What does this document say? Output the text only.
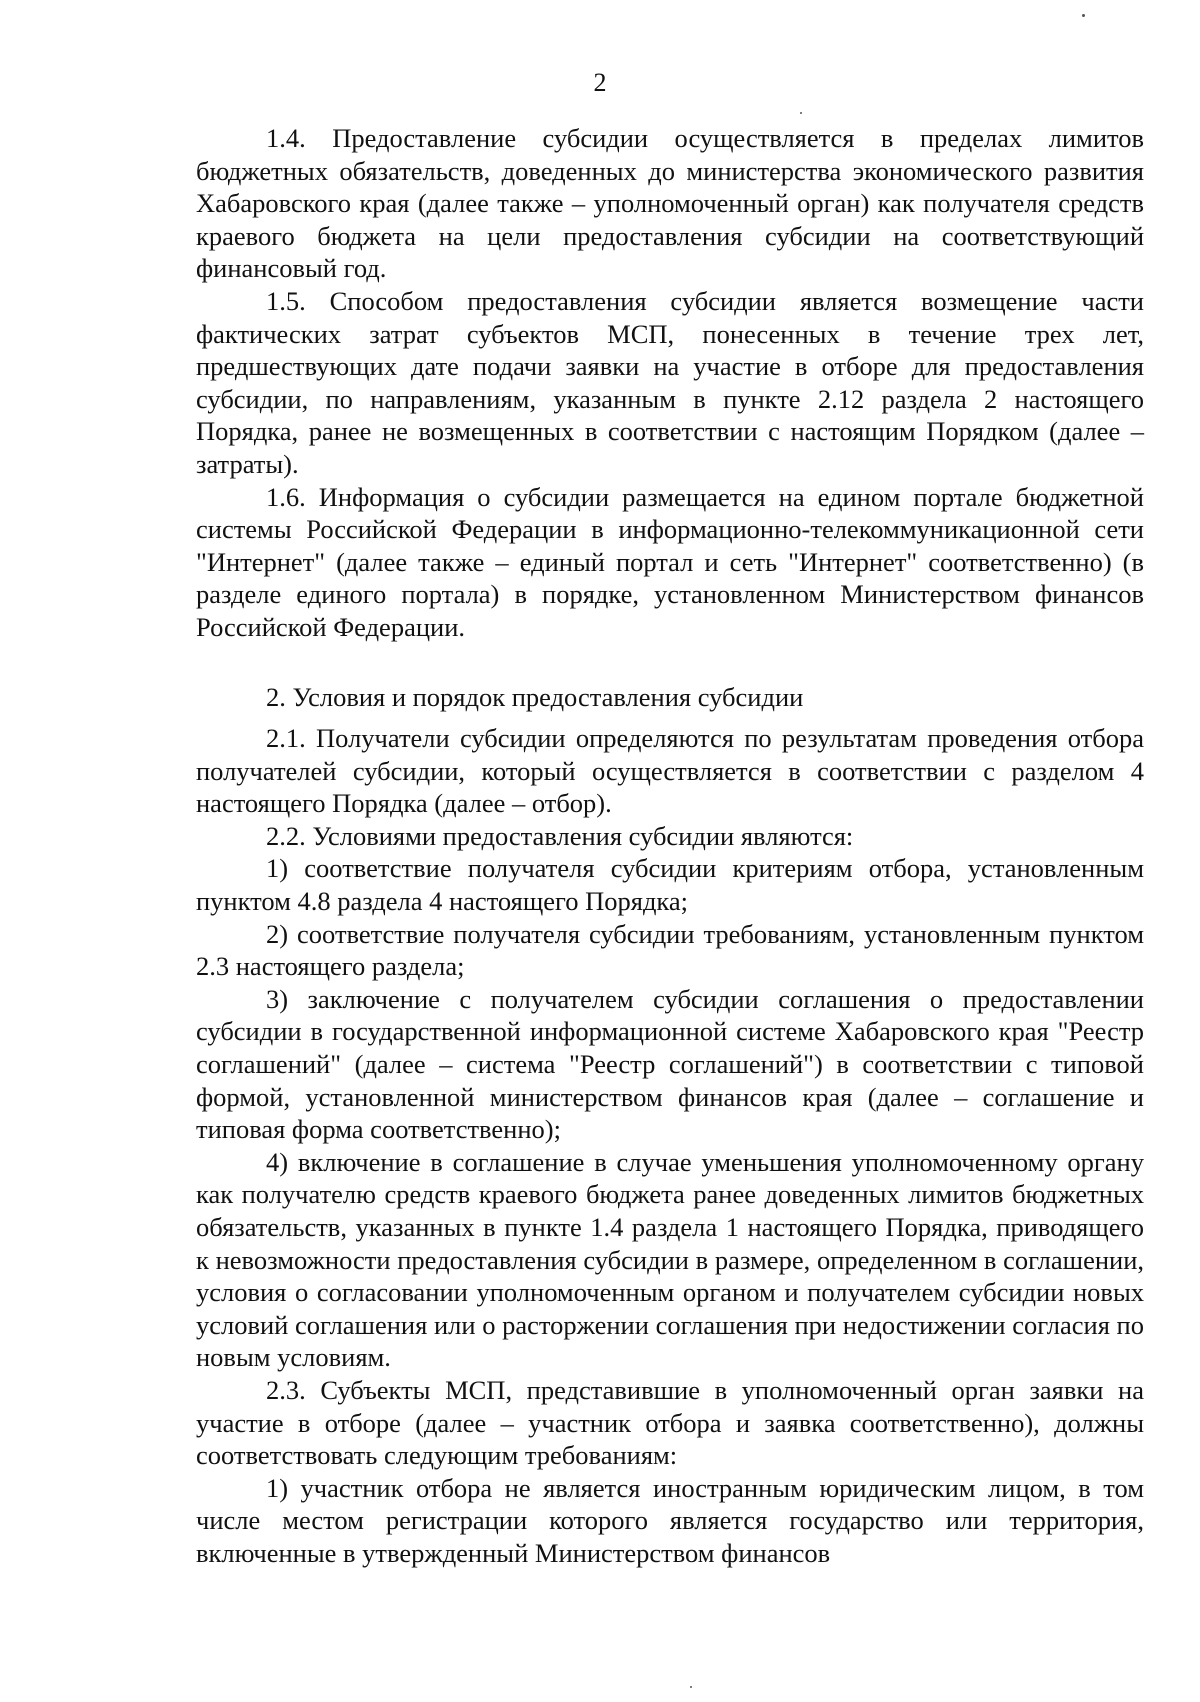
2

1.4. Предоставление субсидии осуществляется в пределах лимитов бюджетных обязательств, доведенных до министерства экономического развития Хабаровского края (далее также – уполномоченный орган) как получателя средств краевого бюджета на цели предоставления субсидии на соответствующий финансовый год.

1.5. Способом предоставления субсидии является возмещение части фактических затрат субъектов МСП, понесенных в течение трех лет, предшествующих дате подачи заявки на участие в отборе для предоставления субсидии, по направлениям, указанным в пункте 2.12 раздела 2 настоящего Порядка, ранее не возмещенных в соответствии с настоящим Порядком (далее – затраты).

1.6. Информация о субсидии размещается на едином портале бюджетной системы Российской Федерации в информационно-телекоммуникационной сети "Интернет" (далее также – единый портал и сеть "Интернет" соответственно) (в разделе единого портала) в порядке, установленном Министерством финансов Российской Федерации.

2. Условия и порядок предоставления субсидии

2.1. Получатели субсидии определяются по результатам проведения отбора получателей субсидии, который осуществляется в соответствии с разделом 4 настоящего Порядка (далее – отбор).

2.2. Условиями предоставления субсидии являются:

1) соответствие получателя субсидии критериям отбора, установленным пунктом 4.8 раздела 4 настоящего Порядка;

2) соответствие получателя субсидии требованиям, установленным пунктом 2.3 настоящего раздела;

3) заключение с получателем субсидии соглашения о предоставлении субсидии в государственной информационной системе Хабаровского края "Реестр соглашений" (далее – система "Реестр соглашений") в соответствии с типовой формой, установленной министерством финансов края (далее – соглашение и типовая форма соответственно);

4) включение в соглашение в случае уменьшения уполномоченному органу как получателю средств краевого бюджета ранее доведенных лимитов бюджетных обязательств, указанных в пункте 1.4 раздела 1 настоящего Порядка, приводящего к невозможности предоставления субсидии в размере, определенном в соглашении, условия о согласовании уполномоченным органом и получателем субсидии новых условий соглашения или о расторжении соглашения при недостижении согласия по новым условиям.

2.3. Субъекты МСП, представившие в уполномоченный орган заявки на участие в отборе (далее – участник отбора и заявка соответственно), должны соответствовать следующим требованиям:

1) участник отбора не является иностранным юридическим лицом, в том числе местом регистрации которого является государство или территория, включенные в утвержденный Министерством финансов
